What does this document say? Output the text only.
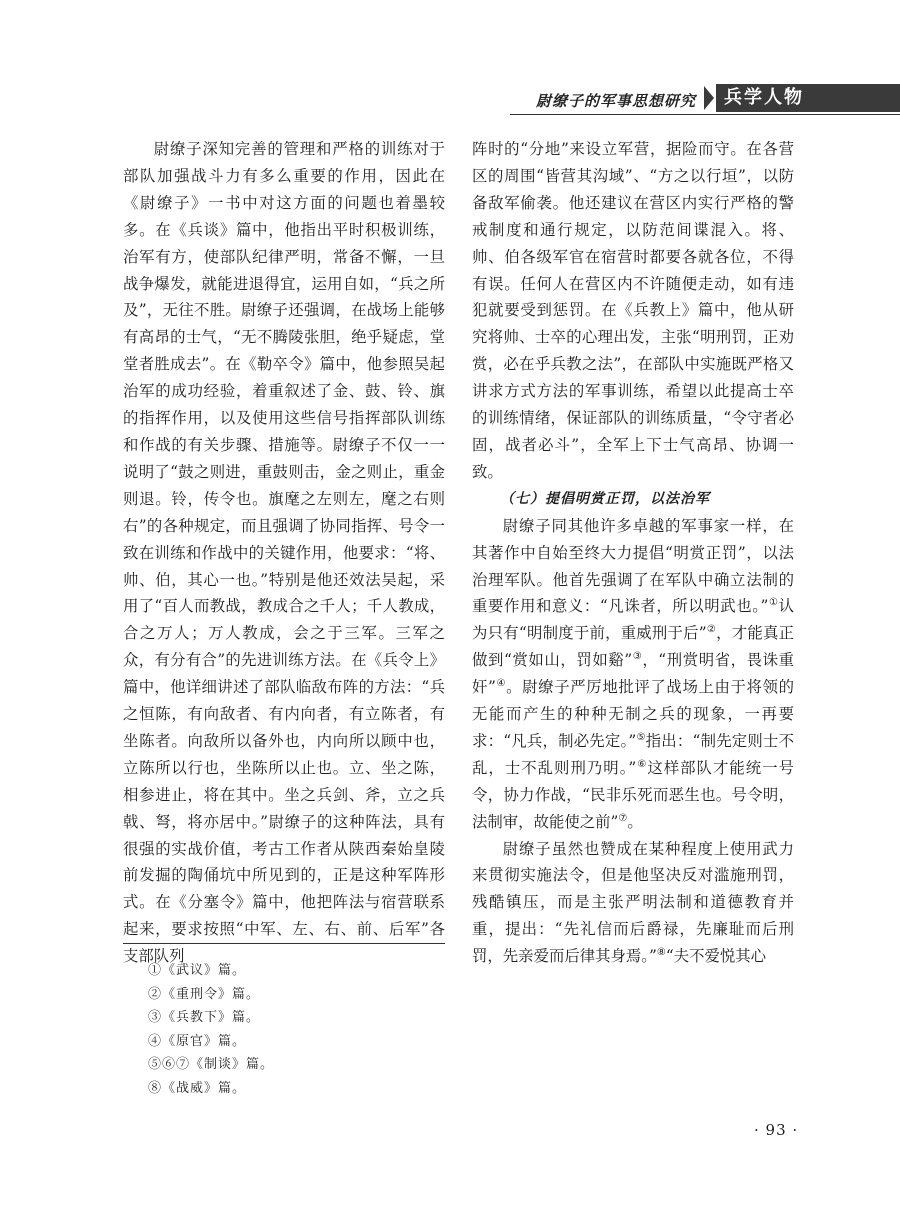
尉缭子的军事思想研究	兵学人物

尉缭子深知完善的管理和严格的训练对于部队加强战斗力有多么重要的作用，因此在《尉缭子》一书中对这方面的问题也着墨较多。在《兵谈》篇中，他指出平时积极训练，治军有方，使部队纪律严明，常备不懈，一旦战争爆发，就能进退得宜，运用自如，“兵之所及”，无往不胜。尉缭子还强调，在战场上能够有高昂的士气，“无不腾陵张胆，绝乎疑虑，堂堂者胜成去”。在《勒卒令》篇中，他参照吴起治军的成功经验，着重叙述了金、鼓、铃、旗的指挥作用，以及使用这些信号指挥部队训练和作战的有关步骤、措施等。尉缭子不仅一一说明了“鼓之则进，重鼓则击，金之则止，重金则退。铃，传令也。旗麾之左则左，麾之右则右”的各种规定，而且强调了协同指挥、号令一致在训练和作战中的关键作用，他要求：“将、帅、伯，其心一也。”特别是他还效法吴起，采用了“百人而教战，教成合之千人；千人教成，合之万人；万人教成，会之于三军。三军之众，有分有合”的先进训练方法。在《兵令上》篇中，他详细讲述了部队临敌布阵的方法：“兵之恒陈，有向敌者、有内向者，有立陈者，有坐陈者。向敌所以备外也，内向所以顾中也，立陈所以行也，坐陈所以止也。立、坐之陈，相参进止，将在其中。坐之兵剑、斧，立之兵戟、弩，将亦居中。”尉缭子的这种阵法，具有很强的实战价值，考古工作者从陕西秦始皇陵前发掘的陶俑坑中所见到的，正是这种军阵形式。在《分塞令》篇中，他把阵法与宿营联系起来，要求按照“中军、左、右、前、后军”各支部队列

阵时的“分地”来设立军营，据险而守。在各营区的周围“皆营其沟域”、“方之以行垣”，以防备敌军偷袭。他还建议在营区内实行严格的警戒制度和通行规定，以防范间谍混入。将、帅、伯各级军官在宿营时都要各就各位，不得有误。任何人在营区内不许随便走动，如有违犯就要受到惩罚。在《兵教上》篇中，他从研究将帅、士卒的心理出发，主张“明刑罚，正劝赏，必在乎兵教之法”，在部队中实施既严格又讲求方式方法的军事训练，希望以此提高士卒的训练情绪，保证部队的训练质量，“令守者必固，战者必斗”，全军上下士气高昂、协调一致。

（七）提倡明赏正罚，以法治军

尉缭子同其他许多卓越的军事家一样，在其著作中自始至终大力提倡“明赏正罚”，以法治理军队。他首先强调了在军队中确立法制的重要作用和意义：“凡诛者，所以明武也。”①认为只有“明制度于前，重威刑于后”②，才能真正做到“赏如山，罚如谿”③，“刑赏明省，畏诛重奸”④。尉缭子严厉地批评了战场上由于将领的无能而产生的种种无制之兵的现象，一再要求：“凡兵，制必先定。”⑤指出：“制先定则士不乱，士不乱则刑乃明。”⑥这样部队才能统一号令，协力作战，“民非乐死而恶生也。号令明，法制审，故能使之前”⑦。

尉缭子虽然也赞成在某种程度上使用武力来贯彻实施法令，但是他坚决反对滥施刑罚，残酷镇压，而是主张严明法制和道德教育并重，提出：“先礼信而后爵禄，先廉耻而后刑罚，先亲爱而后律其身焉。”⑧“夫不爱悦其心

①《武议》篇。
②《重刑令》篇。
③《兵教下》篇。
④《原官》篇。
⑤⑥⑦《制谈》篇。
⑧《战威》篇。
· 93 ·
